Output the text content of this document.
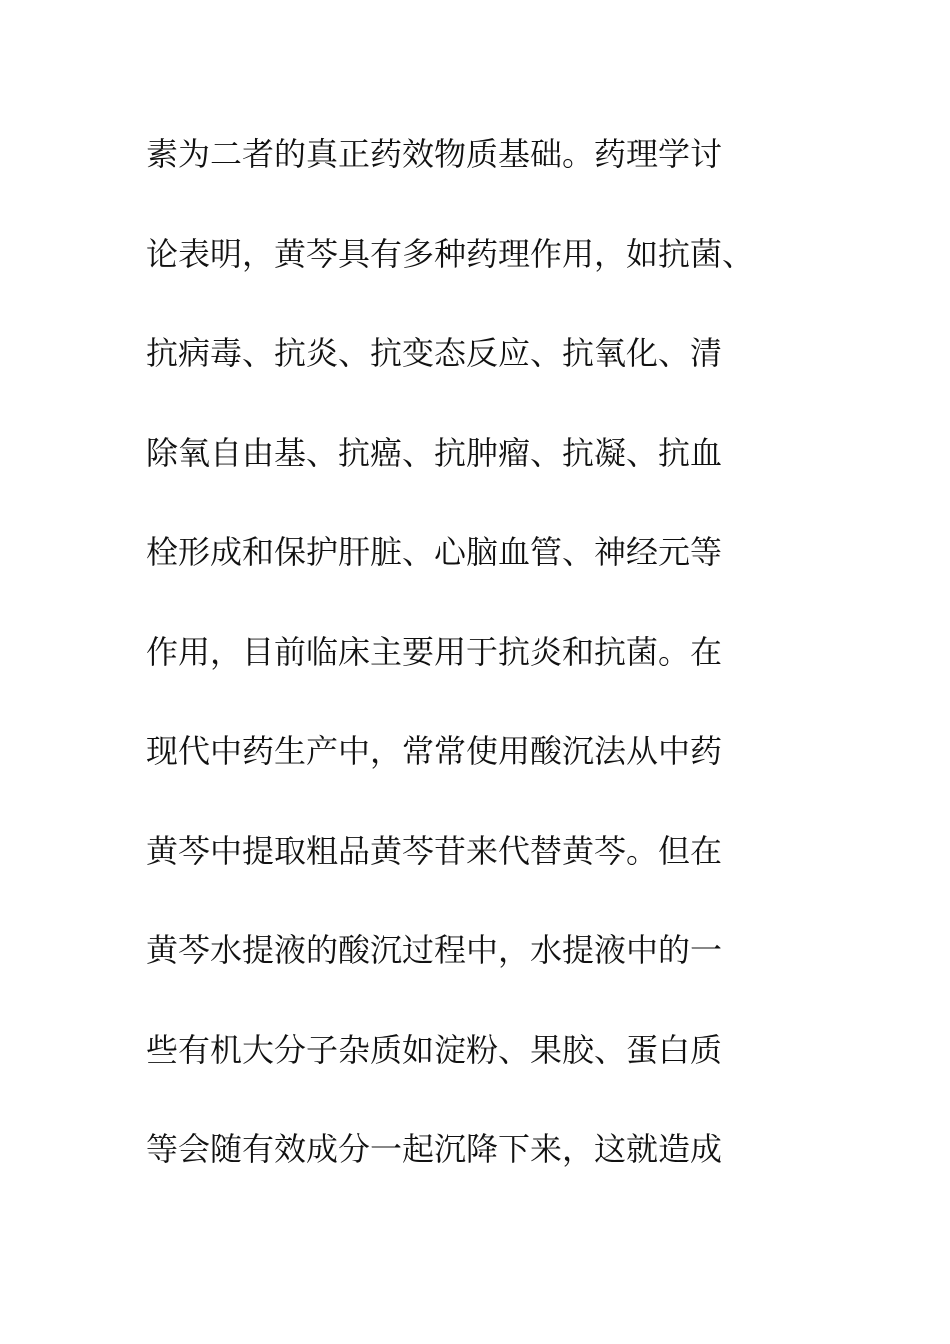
素为二者的真正药效物质基础。药理学讨
论表明，黄芩具有多种药理作用，如抗菌、
抗病毒、抗炎、抗变态反应、抗氧化、清
除氧自由基、抗癌、抗肿瘤、抗凝、抗血
栓形成和保护肝脏、心脑血管、神经元等
作用，目前临床主要用于抗炎和抗菌。在
现代中药生产中，常常使用酸沉法从中药
黄芩中提取粗品黄芩苷来代替黄芩。但在
黄芩水提液的酸沉过程中，水提液中的一
些有机大分子杂质如淀粉、果胶、蛋白质
等会随有效成分一起沉降下来，这就造成
